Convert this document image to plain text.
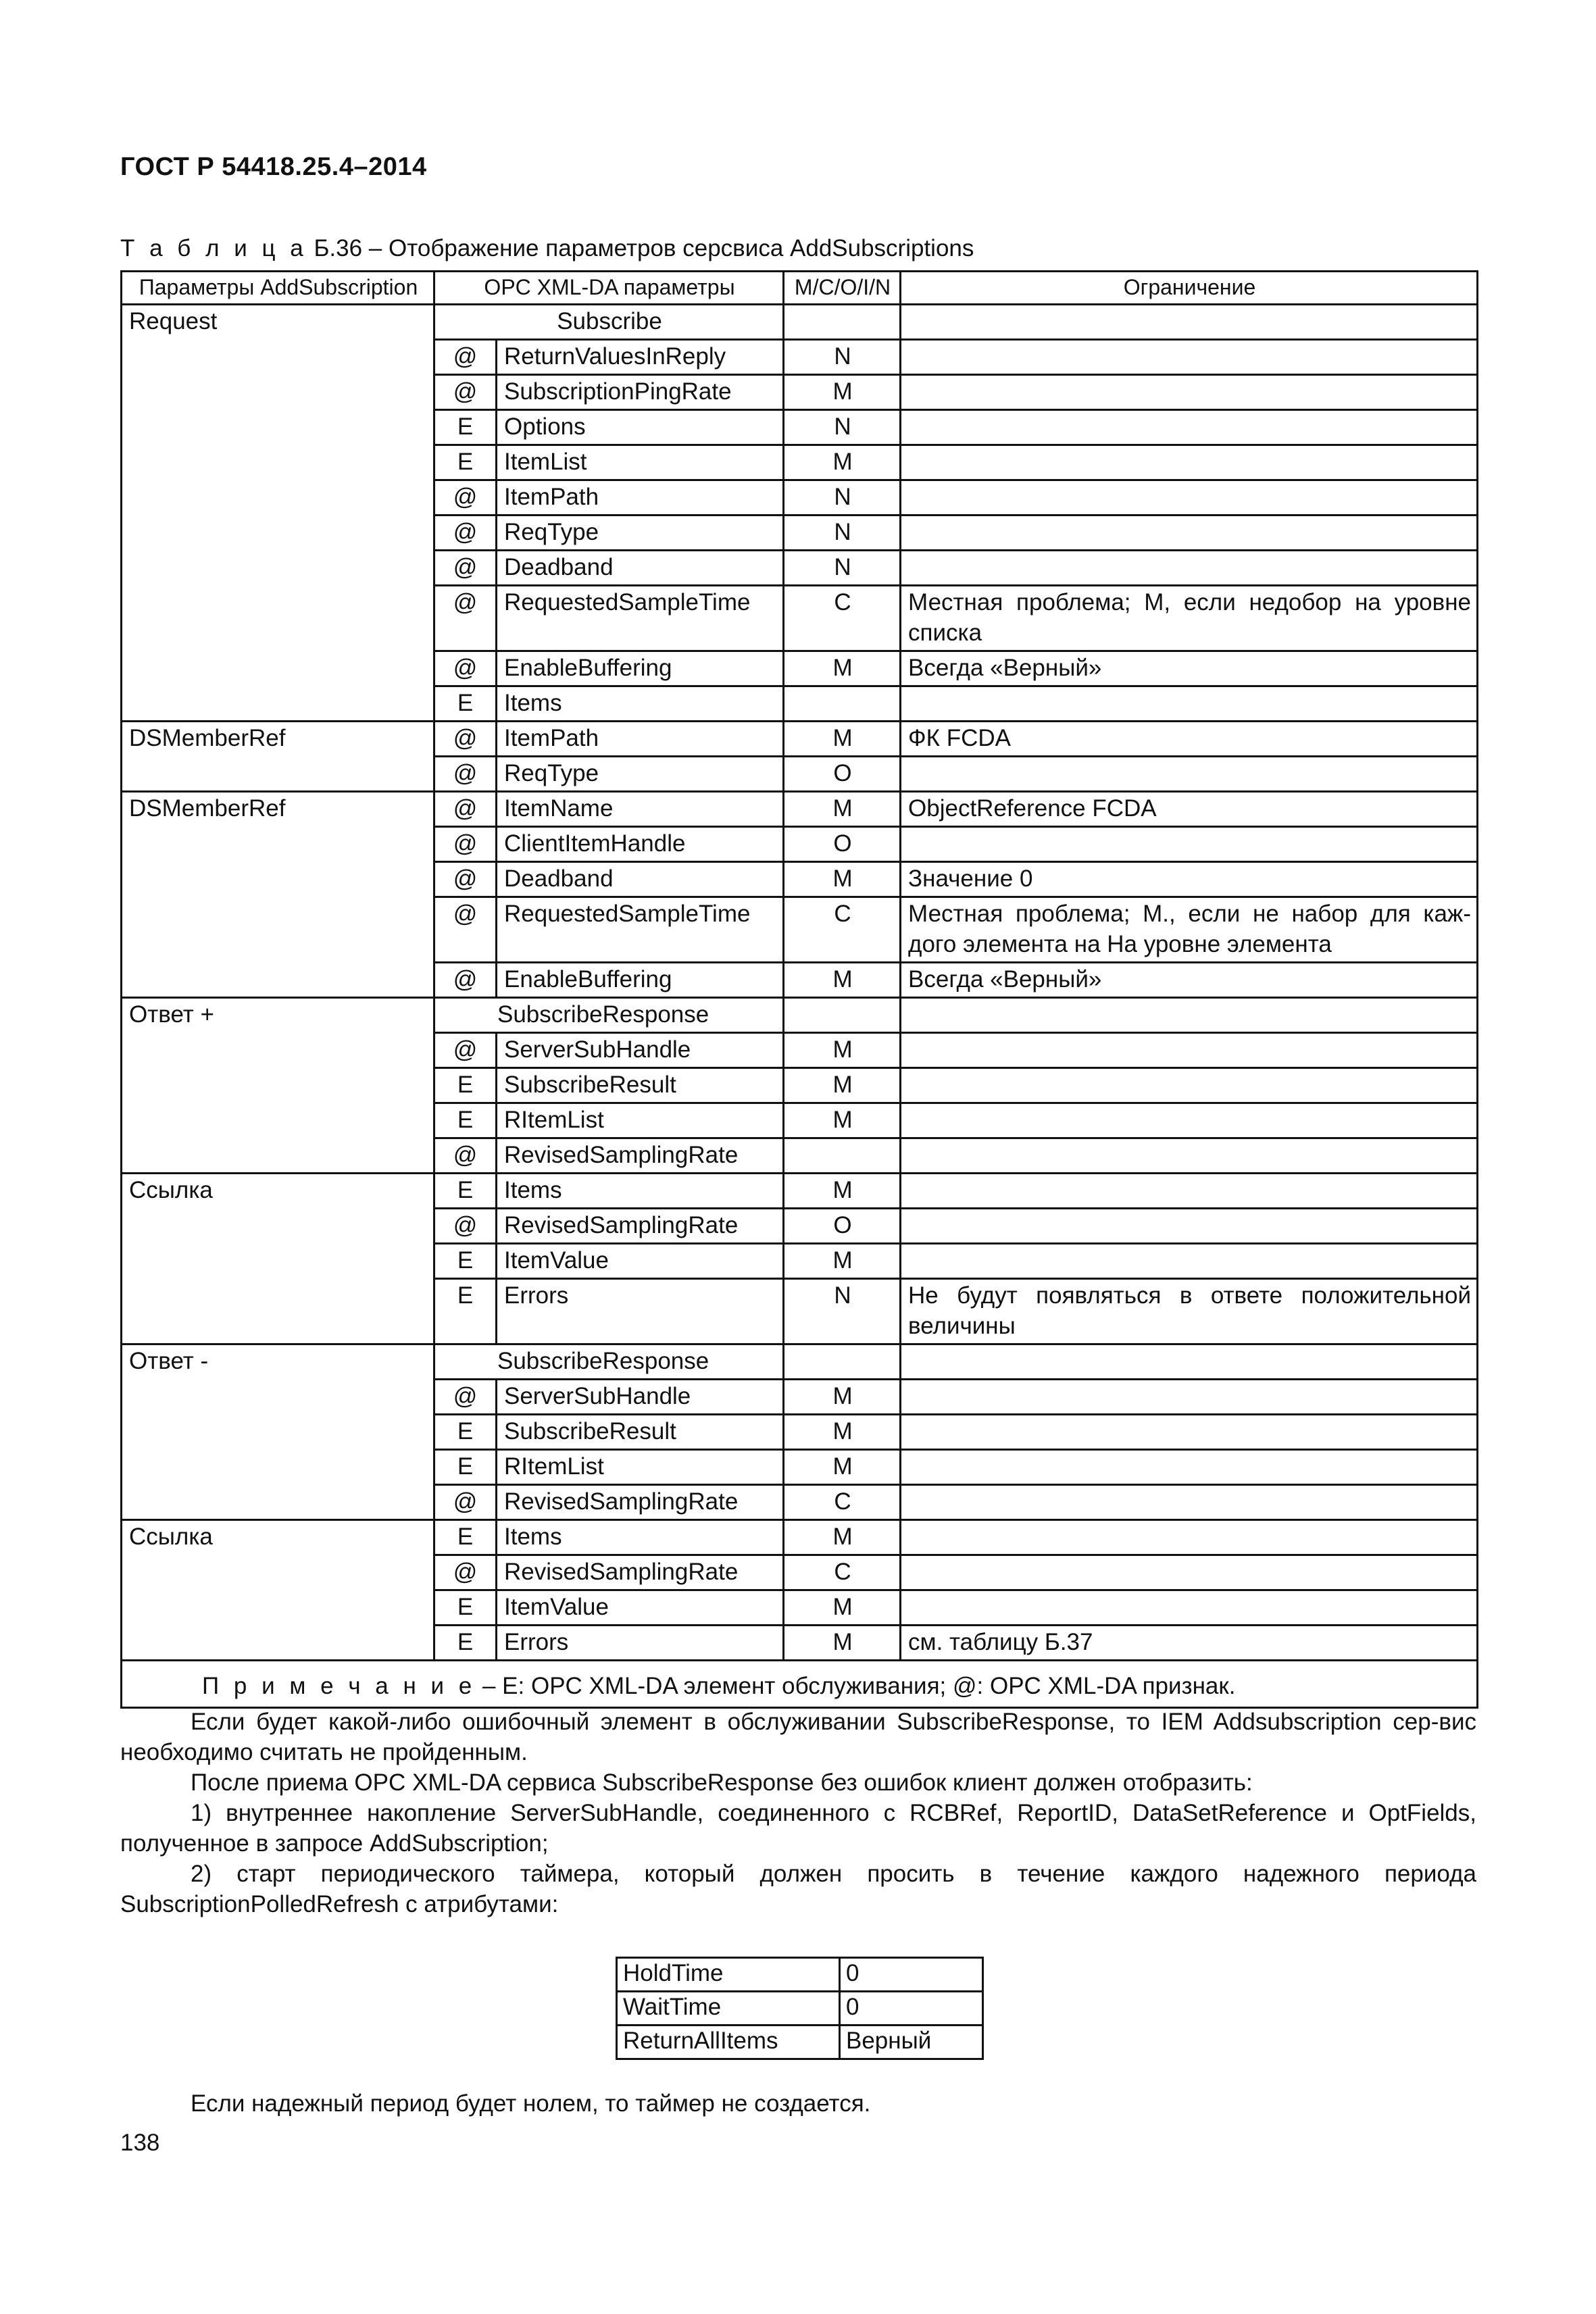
ГОСТ Р 54418.25.4–2014
Т а б л и ц а Б.36 – Отображение параметров серсвиса AddSubscriptions
Параметры AddSubscription	OPC XML-DA параметры		M/C/O/I/N	Ограничение
Request	Subscribe			
	@	ReturnValuesInReply	N	
	@	SubscriptionPingRate	M	
	E	Options	N	
	E	ItemList	M	
	@	ItemPath	N	
	@	ReqType	N	
	@	Deadband	N	
	@	RequestedSampleTime	C	Местная проблема; М, если недобор на уровне списка
	@	EnableBuffering	M	Всегда «Верный»
	E	Items		
DSMemberRef	@	ItemPath	M	ФК FCDA
	@	ReqType	O	
DSMemberRef	@	ItemName	M	ObjectReference FCDA
	@	ClientItemHandle	O	
	@	Deadband	M	Значение 0
	@	RequestedSampleTime	C	Местная проблема; М., если не набор для каж-дого элемента на На уровне элемента
	@	EnableBuffering	M	Всегда «Верный»
Ответ +	SubscribeResponse			
	@	ServerSubHandle	M	
	E	SubscribeResult	M	
	E	RItemList	M	
	@	RevisedSamplingRate		
Ссылка	E	Items	M	
	@	RevisedSamplingRate	O	
	E	ItemValue	M	
	E	Errors	N	Не будут появляться в ответе положительной величины
Ответ -	SubscribeResponse			
	@	ServerSubHandle	M	
	E	SubscribeResult	M	
	E	RItemList	M	
	@	RevisedSamplingRate	C	
Ссылка	E	Items	M	
	@	RevisedSamplingRate	C	
	E	ItemValue	M	
	E	Errors	M	см. таблицу Б.37
П р и м е ч а н и е – E: OPC XML-DA элемент обслуживания; @: OPC XML-DA признак.				
Если будет какой-либо ошибочный элемент в обслуживании SubscribeResponse, то IEM Addsubscription сер-вис необходимо считать не пройденным.
После приема OPC XML-DA сервиса SubscribeResponse без ошибок клиент должен отобразить:
1) внутреннее накопление ServerSubHandle, соединенного с RCBRef, ReportID, DataSetReference и OptFields, полученное в запросе AddSubscription;
2) старт периодического таймера, который должен просить в течение каждого надежного периода SubscriptionPolledRefresh с атрибутами:
HoldTime	0
WaitTime	0
ReturnAllItems	Верный
Если надежный период будет нолем, то таймер не создается.
138
